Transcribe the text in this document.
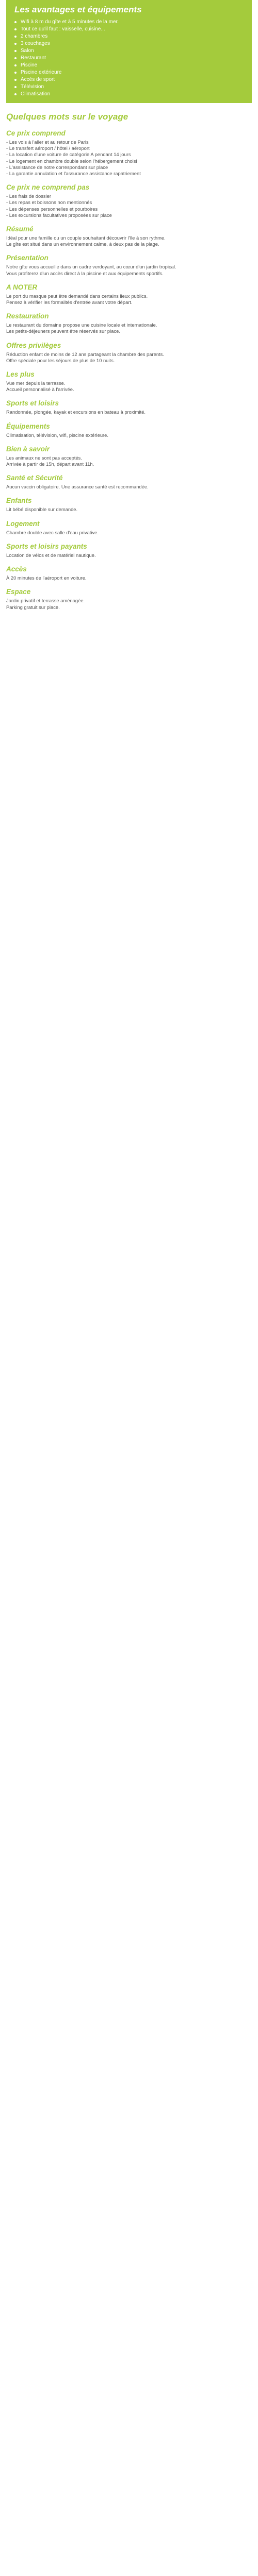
Les avantages et équipements
Wifi à 8 m du gîte et à 5 minutes de la mer.
Tout ce qu'il faut : vaisselle, cuisine...
2 chambres
3 couchages
Salon
Restaurant
Piscine
Piscine extérieure
Accès de sport
Télévision
Climatisation
Quelques mots sur le voyage
Ce prix comprend

- Les vols à l'aller et au retour de Paris

- Le transfert aéroport / hôtel / aéroport

- La location d'une voiture de catégorie A pendant 14 jours

- Le logement en chambre double selon l'hébergement choisi

- L'assistance de notre correspondant sur place

- La garantie annulation et l'assurance assistance rapatriement

Ce prix ne comprend pas

- Les frais de dossier

- Les repas et boissons non mentionnés

- Les dépenses personnelles et pourboires

- Les excursions facultatives proposées sur place

Résumé

Idéal pour une famille ou un couple souhaitant découvrir l'île à son rythme.

Le gîte est situé dans un environnement calme, à deux pas de la plage.

Présentation

Notre gîte vous accueille dans un cadre verdoyant, au cœur d'un jardin tropical.

Vous profiterez d'un accès direct à la piscine et aux équipements sportifs.

A NOTER

Le port du masque peut être demandé dans certains lieux publics.

Pensez à vérifier les formalités d'entrée avant votre départ.

Restauration

Le restaurant du domaine propose une cuisine locale et internationale.

Les petits-déjeuners peuvent être réservés sur place.

Offres privilèges

Réduction enfant de moins de 12 ans partageant la chambre des parents.

Offre spéciale pour les séjours de plus de 10 nuits.

Les plus

Vue mer depuis la terrasse.

Accueil personnalisé à l'arrivée.

Sports et loisirs

Randonnée, plongée, kayak et excursions en bateau à proximité.

Équipements

Climatisation, télévision, wifi, piscine extérieure.

Bien à savoir

Les animaux ne sont pas acceptés.

Arrivée à partir de 15h, départ avant 11h.

Santé et Sécurité

Aucun vaccin obligatoire. Une assurance santé est recommandée.

Enfants

Lit bébé disponible sur demande.

Logement

Chambre double avec salle d'eau privative.

Sports et loisirs payants

Location de vélos et de matériel nautique.

Accès

À 20 minutes de l'aéroport en voiture.

Espace

Jardin privatif et terrasse aménagée.

Parking gratuit sur place.
